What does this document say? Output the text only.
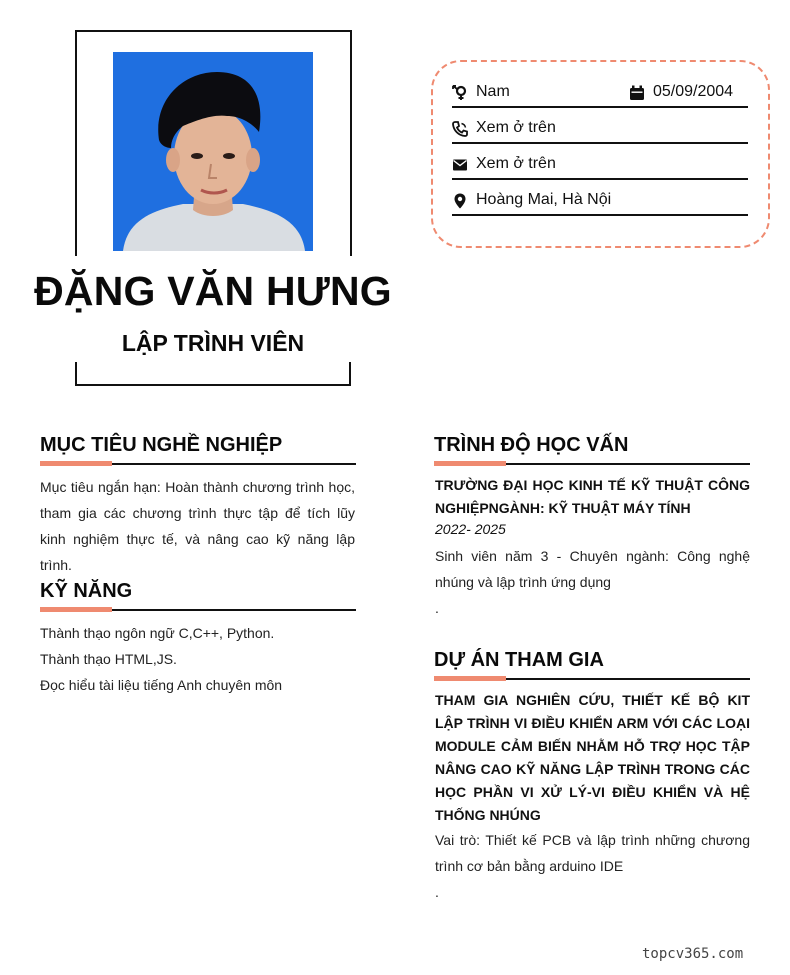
ĐẶNG VĂN HƯNG
LẬP TRÌNH VIÊN
Nam	05/09/2004
Xem ở trên
Xem ở trên
Hoàng Mai, Hà Nội
MỤC TIÊU NGHỀ NGHIỆP
Mục tiêu ngắn hạn: Hoàn thành chương trình học, tham gia các chương trình thực tập để tích lũy kinh nghiệm thực tế, và nâng cao kỹ năng lập trình.
KỸ NĂNG
Thành thạo ngôn ngữ C,C++, Python.
Thành thạo HTML,JS.
Đọc hiểu tài liệu tiếng Anh chuyên môn
TRÌNH ĐỘ HỌC VẤN
TRƯỜNG ĐẠI HỌC KINH TẾ KỸ THUẬT CÔNG NGHIỆPNGÀNH: KỸ THUẬT MÁY TÍNH
2022- 2025
Sinh viên năm 3 - Chuyên ngành: Công nghệ nhúng và lập trình ứng dụng
.
DỰ ÁN THAM GIA
THAM GIA NGHIÊN CỨU, THIẾT KẾ BỘ KIT LẬP TRÌNH VI ĐIỀU KHIỂN ARM VỚI CÁC LOẠI MODULE CẢM BIẾN NHẰM HỖ TRỢ HỌC TẬP NÂNG CAO KỸ NĂNG LẬP TRÌNH TRONG CÁC HỌC PHẦN VI XỬ LÝ-VI ĐIỀU KHIỂN VÀ HỆ THỐNG NHÚNG
Vai trò: Thiết kế PCB và lập trình những chương trình cơ bản bằng arduino IDE
.
topcv365.com
